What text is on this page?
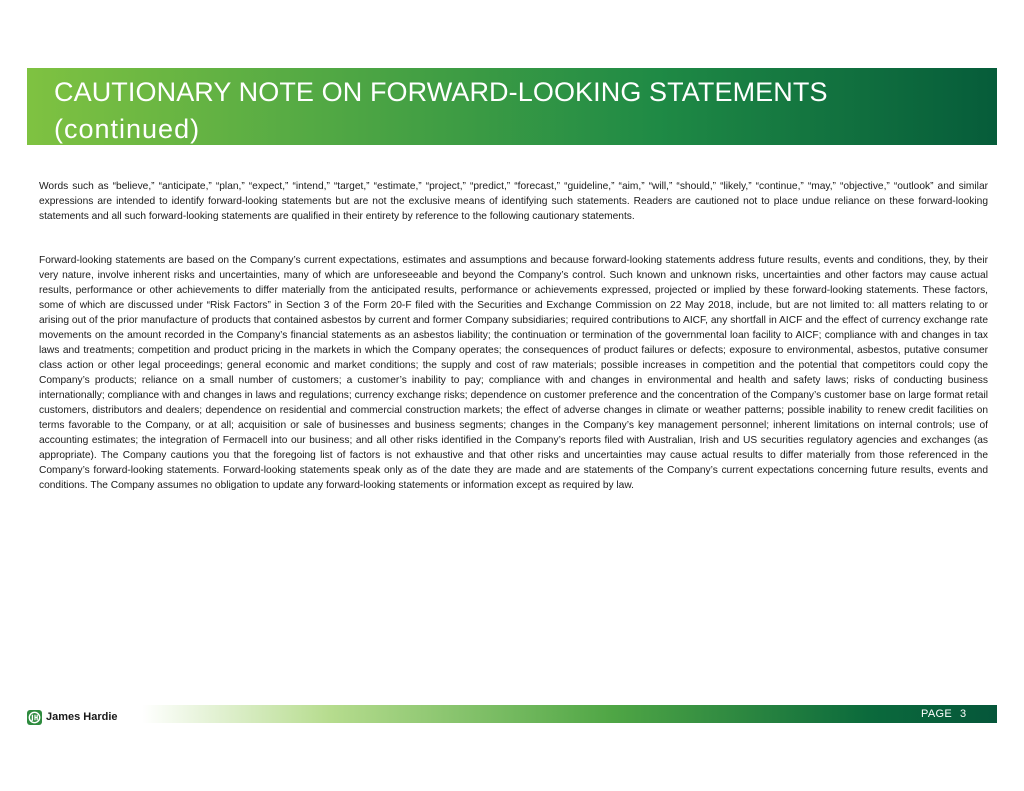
CAUTIONARY NOTE ON FORWARD-LOOKING STATEMENTS
(continued)

Words such as “believe,” “anticipate,” “plan,” “expect,” “intend,” “target,” “estimate,” “project,” “predict,” “forecast,” “guideline,” “aim,” “will,” “should,” “likely,” “continue,” “may,” “objective,” “outlook” and similar expressions are intended to identify forward-looking statements but are not the exclusive means of identifying such statements. Readers are cautioned not to place undue reliance on these forward-looking statements and all such forward-looking statements are qualified in their entirety by reference to the following cautionary statements.

Forward-looking statements are based on the Company’s current expectations, estimates and assumptions and because forward-looking statements address future results, events and conditions, they, by their very nature, involve inherent risks and uncertainties, many of which are unforeseeable and beyond the Company’s control. Such known and unknown risks, uncertainties and other factors may cause actual results, performance or other achievements to differ materially from the anticipated results, performance or achievements expressed, projected or implied by these forward-looking statements. These factors, some of which are discussed under “Risk Factors” in Section 3 of the Form 20-F filed with the Securities and Exchange Commission on 22 May 2018, include, but are not limited to: all matters relating to or arising out of the prior manufacture of products that contained asbestos by current and former Company subsidiaries; required contributions to AICF, any shortfall in AICF and the effect of currency exchange rate movements on the amount recorded in the Company’s financial statements as an asbestos liability; the continuation or termination of the governmental loan facility to AICF; compliance with and changes in tax laws and treatments; competition and product pricing in the markets in which the Company operates; the consequences of product failures or defects; exposure to environmental, asbestos, putative consumer class action or other legal proceedings; general economic and market conditions; the supply and cost of raw materials; possible increases in competition and the potential that competitors could copy the Company’s products; reliance on a small number of customers; a customer’s inability to pay; compliance with and changes in environmental and health and safety laws; risks of conducting business internationally; compliance with and changes in laws and regulations; currency exchange risks; dependence on customer preference and the concentration of the Company’s customer base on large format retail customers, distributors and dealers; dependence on residential and commercial construction markets; the effect of adverse changes in climate or weather patterns; possible inability to renew credit facilities on terms favorable to the Company, or at all; acquisition or sale of businesses and business segments; changes in the Company’s key management personnel; inherent limitations on internal controls; use of accounting estimates; the integration of Fermacell into our business; and all other risks identified in the Company’s reports filed with Australian, Irish and US securities regulatory agencies and exchanges (as appropriate). The Company cautions you that the foregoing list of factors is not exhaustive and that other risks and uncertainties may cause actual results to differ materially from those referenced in the Company’s forward-looking statements. Forward-looking statements speak only as of the date they are made and are statements of the Company’s current expectations concerning future results, events and conditions. The Company assumes no obligation to update any forward-looking statements or information except as required by law.

James Hardie	PAGE 3
